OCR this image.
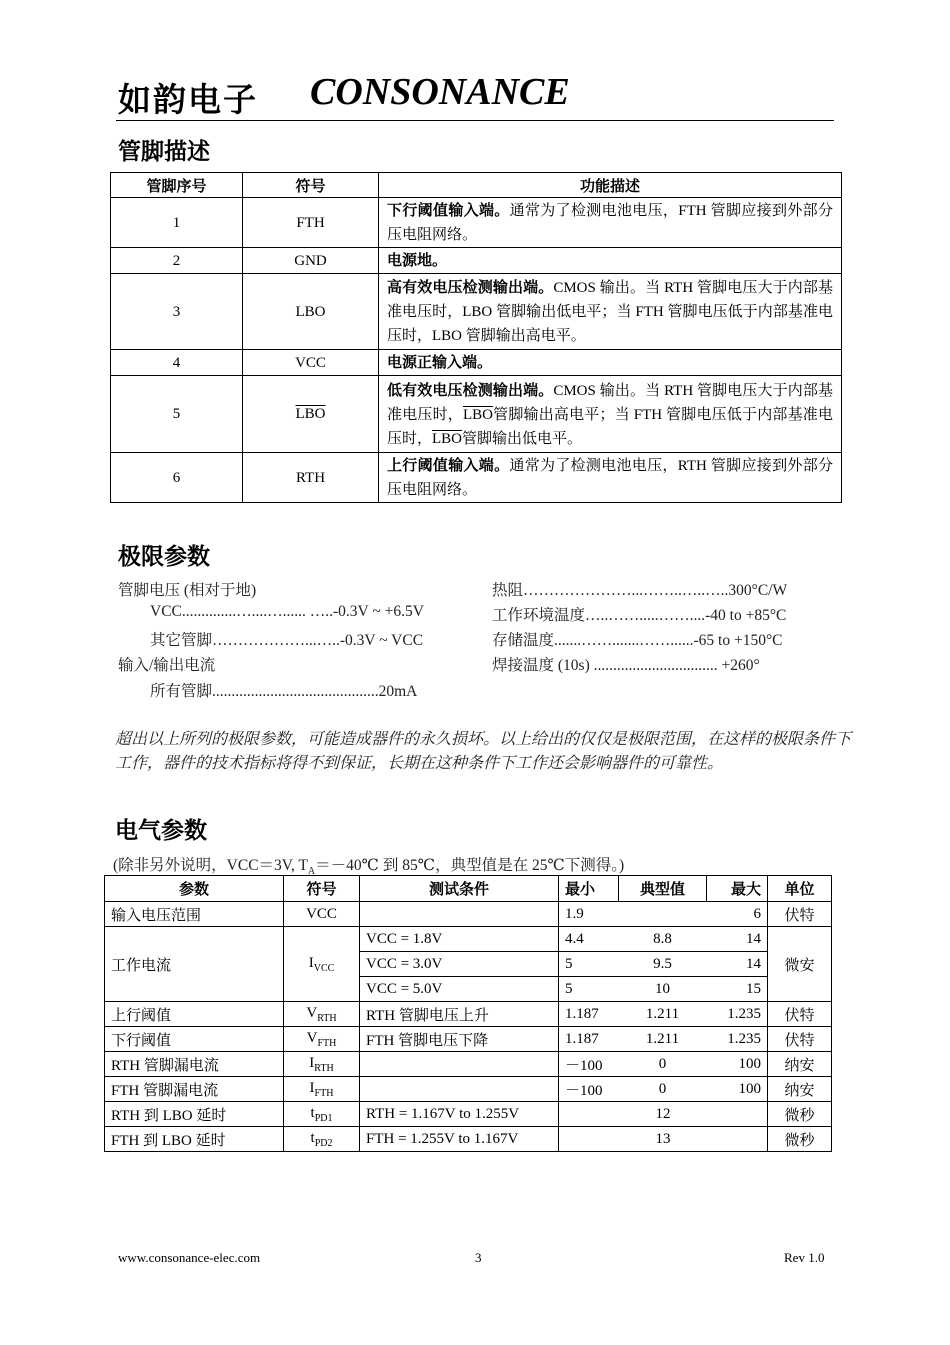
如韵电子 CONSONANCE
管脚描述
管脚序号	符号	功能描述
1	FTH	下行阈值输入端。通常为了检测电池电压，FTH 管脚应接到外部分压电阻网络。
2	GND	电源地。
3	LBO	高有效电压检测输出端。CMOS 输出。当 RTH 管脚电压大于内部基准电压时，LBO 管脚输出低电平；当 FTH 管脚电压低于内部基准电压时，LBO 管脚输出高电平。
4	VCC	电源正输入端。
5	$\overline{LBO}$	低有效电压检测输出端。CMOS 输出。当 RTH 管脚电压大于内部基准电压时，$\overline{LBO}$管脚输出高电平；当 FTH 管脚电压低于内部基准电压时，$\overline{LBO}$管脚输出低电平。
6	RTH	上行阈值输入端。通常为了检测电池电压，RTH 管脚应接到外部分压电阻网络。
极限参数
管脚电压 (相对于地)
VCC..............…....…...... …..-0.3V ~ +6.5V
其它管脚………………...…..-0.3V ~ VCC
输入/输出电流
所有管脚...........................................20mA
热阻…………………...……..…..…..300°C/W
工作环境温度…..…….....……....-40 to +85°C
存储温度.......…….......……......-65 to +150°C
焊接温度 (10s) ................................ +260°
超出以上所列的极限参数，可能造成器件的永久损坏。以上给出的仅仅是极限范围，在这样的极限条件下工作，器件的技术指标将得不到保证，长期在这种条件下工作还会影响器件的可靠性。
电气参数
(除非另外说明，VCC＝3V, $T_A=-40℃$ 到 85℃，典型值是在 25℃下测得。)
参数	符号	测试条件	最小	典型值	最大	单位
输入电压范围	VCC		1.9		6	伏特
工作电流	$I_{VCC}$	VCC = 1.8V	4.4	8.8	14	微安
		VCC = 3.0V	5	9.5	14	
		VCC = 5.0V	5	10	15	
上行阈值	$V_{RTH}$	RTH 管脚电压上升	1.187	1.211	1.235	伏特
下行阈值	$V_{FTH}$	FTH 管脚电压下降	1.187	1.211	1.235	伏特
RTH 管脚漏电流	$I_{RTH}$		－100	0	100	纳安
FTH 管脚漏电流	$I_{FTH}$		－100	0	100	纳安
RTH 到 LBO 延时	$t_{PD1}$	RTH = 1.167V to 1.255V	12			微秒
FTH 到 LBO 延时	$t_{PD2}$	FTH = 1.255V to 1.167V	13			微秒
www.consonance-elec.com	3	Rev 1.0
